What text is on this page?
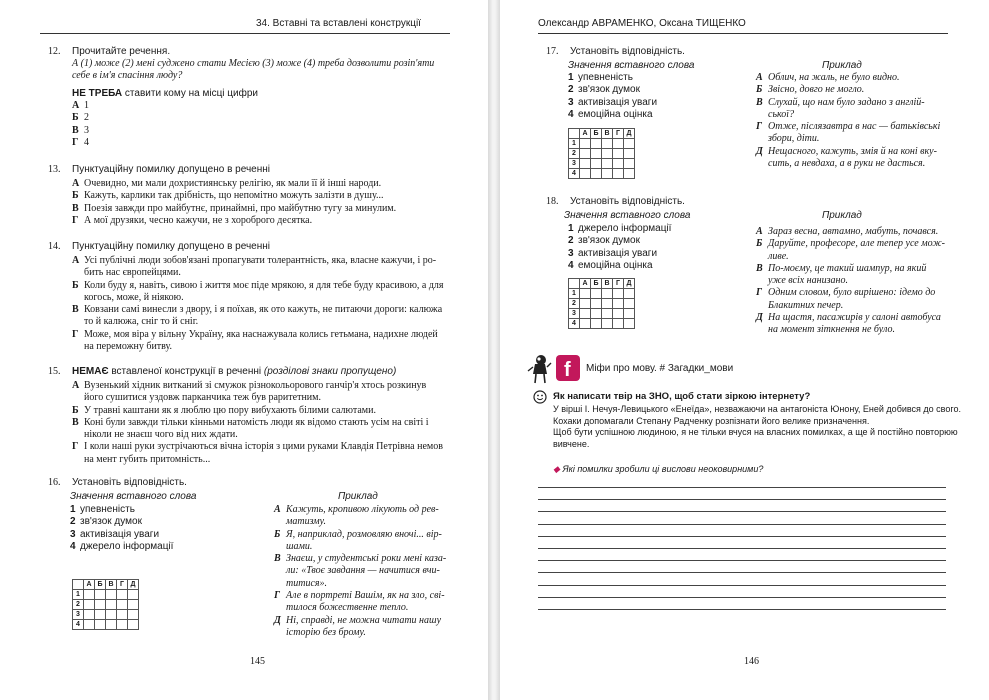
34. Вставні та вставлені конструкції
12.	Прочитайте речення.
А (1) може (2) мені суджено стати Месією (3) може (4) треба дозволити розіп'яти
себе в ім'я спасіння люду?
НЕ ТРЕБА ставити кому на місці цифри
А 1
Б 2
В 3
Г 4
13.	Пунктуаційну помилку допущено в реченні
А Очевидно, ми мали дохристиянську релігію, як мали її й інші народи.
Б Кажуть, карлики так дрібність, що непомітно можуть залізти в душу...
В Поезія завжди про майбутнє, принаймні, про майбутню тугу за минулим.
Г А мої друзяки, чесно кажучи, не з хороброго десятка.
14.	Пунктуаційну помилку допущено в реченні
А Усі публічні люди зобов'язані пропагувати толерантність, яка, власне кажучи, і ро-
бить нас європейцями.
Б Коли буду я, навіть, сивою і життя моє піде мрякою, я для тебе буду красивою, а для
когось, може, й ніякою.
В Ковзани самі винесли з двору, і я поїхав, як ото кажуть, не питаючи дороги: калюжа
то й калюжа, сніг то й сніг.
Г Може, моя віра у вільну Україну, яка наснажувала колись гетьмана, надихне людей
на переможну битву.
15.	НЕМАЄ вставленої конструкції в реченні (розділові знаки пропущено)
А Вузенький хідник витканий зі смужок різнокольорового ганчір'я хтось розкинув
його сушитися уздовж парканчика теж був раритетним.
Б У травні каштани як я люблю цю пору вибухають білими салютами.
В Коні були завжди тільки кінньми натомість люди як відомо стають усім на світі і
ніколи не знаєш чого від них ждати.
Г І коли наші руки зустрічаються вічна історія з цими руками Клавдія Петрівна немов
на мент губить притомність...
16.	Установіть відповідність.
Значення вставного слова	Приклад
1 упевненість
2 зв'язок думок
3 активізація уваги
4 джерело інформації
А Кажуть, кропивою лікують од рев-
матизму.
Б Я, наприклад, розмовляю вночі... вір-
шами.
В Знаєш, у студентські роки мені каза-
ли: «Твоє завдання — начитися вчи-
титися».
Г Але в портреті Вашім, як на зло, сві-
тилося божественне тепло.
Д Ні, справді, не можна читати нашу
історію без брому.
	А	Б	В	Г	Д
1					
2					
3					
4					
145
Олександр АВРАМЕНКО, Оксана ТИЩЕНКО
17.	Установіть відповідність.
Значення вставного слова	Приклад
1 упевненість
2 зв'язок думок
3 активізація уваги
4 емоційна оцінка
А Облич, на жаль, не було видно.
Б Звісно, довго не могло.
В Слухай, що нам було задано з англій-
ської?
Г Отже, післязавтра в нас — батьківські
збори, діти.
Д Нещасного, кажуть, змія й на коні вку-
сить, а невдаха, а в руки не дасться.
	А	Б	В	Г	Д
1					
2					
3					
4					
18.	Установіть відповідність.
Значення вставного слова	Приклад
1 джерело інформації
2 зв'язок думок
3 активізація уваги
4 емоційна оцінка
А Зараз весна, автамно, мабуть, почався.
Б Даруйте, професоре, але тепер усе мож-
ливе.
В По-моєму, це такий шампур, на який
уже всіх нанизано.
Г Одним словом, було вирішено: ідемо до
Блакитних печер.
Д На щастя, пасажирів у салоні автобуса
на момент зіткнення не було.
	А	Б	В	Г	Д
1					
2					
3					
4					
f Міфи про мову. # Загадки_мови
Як написати твір на ЗНО, щоб стати зіркою інтернету?
У вірші І. Нечуя-Левицького «Енеїда», незважаючи на антагоніста Юнону, Еней добився до свого.
Кохаки допомагали Степану Радченку розпізнати його велике призначення.
Щоб бути успішною людиною, я не тільки вчуся на власних помилках, а ще й постійно повторюю
вивчене.
◆ Які помилки зробили ці вислови неоковирними?
146
